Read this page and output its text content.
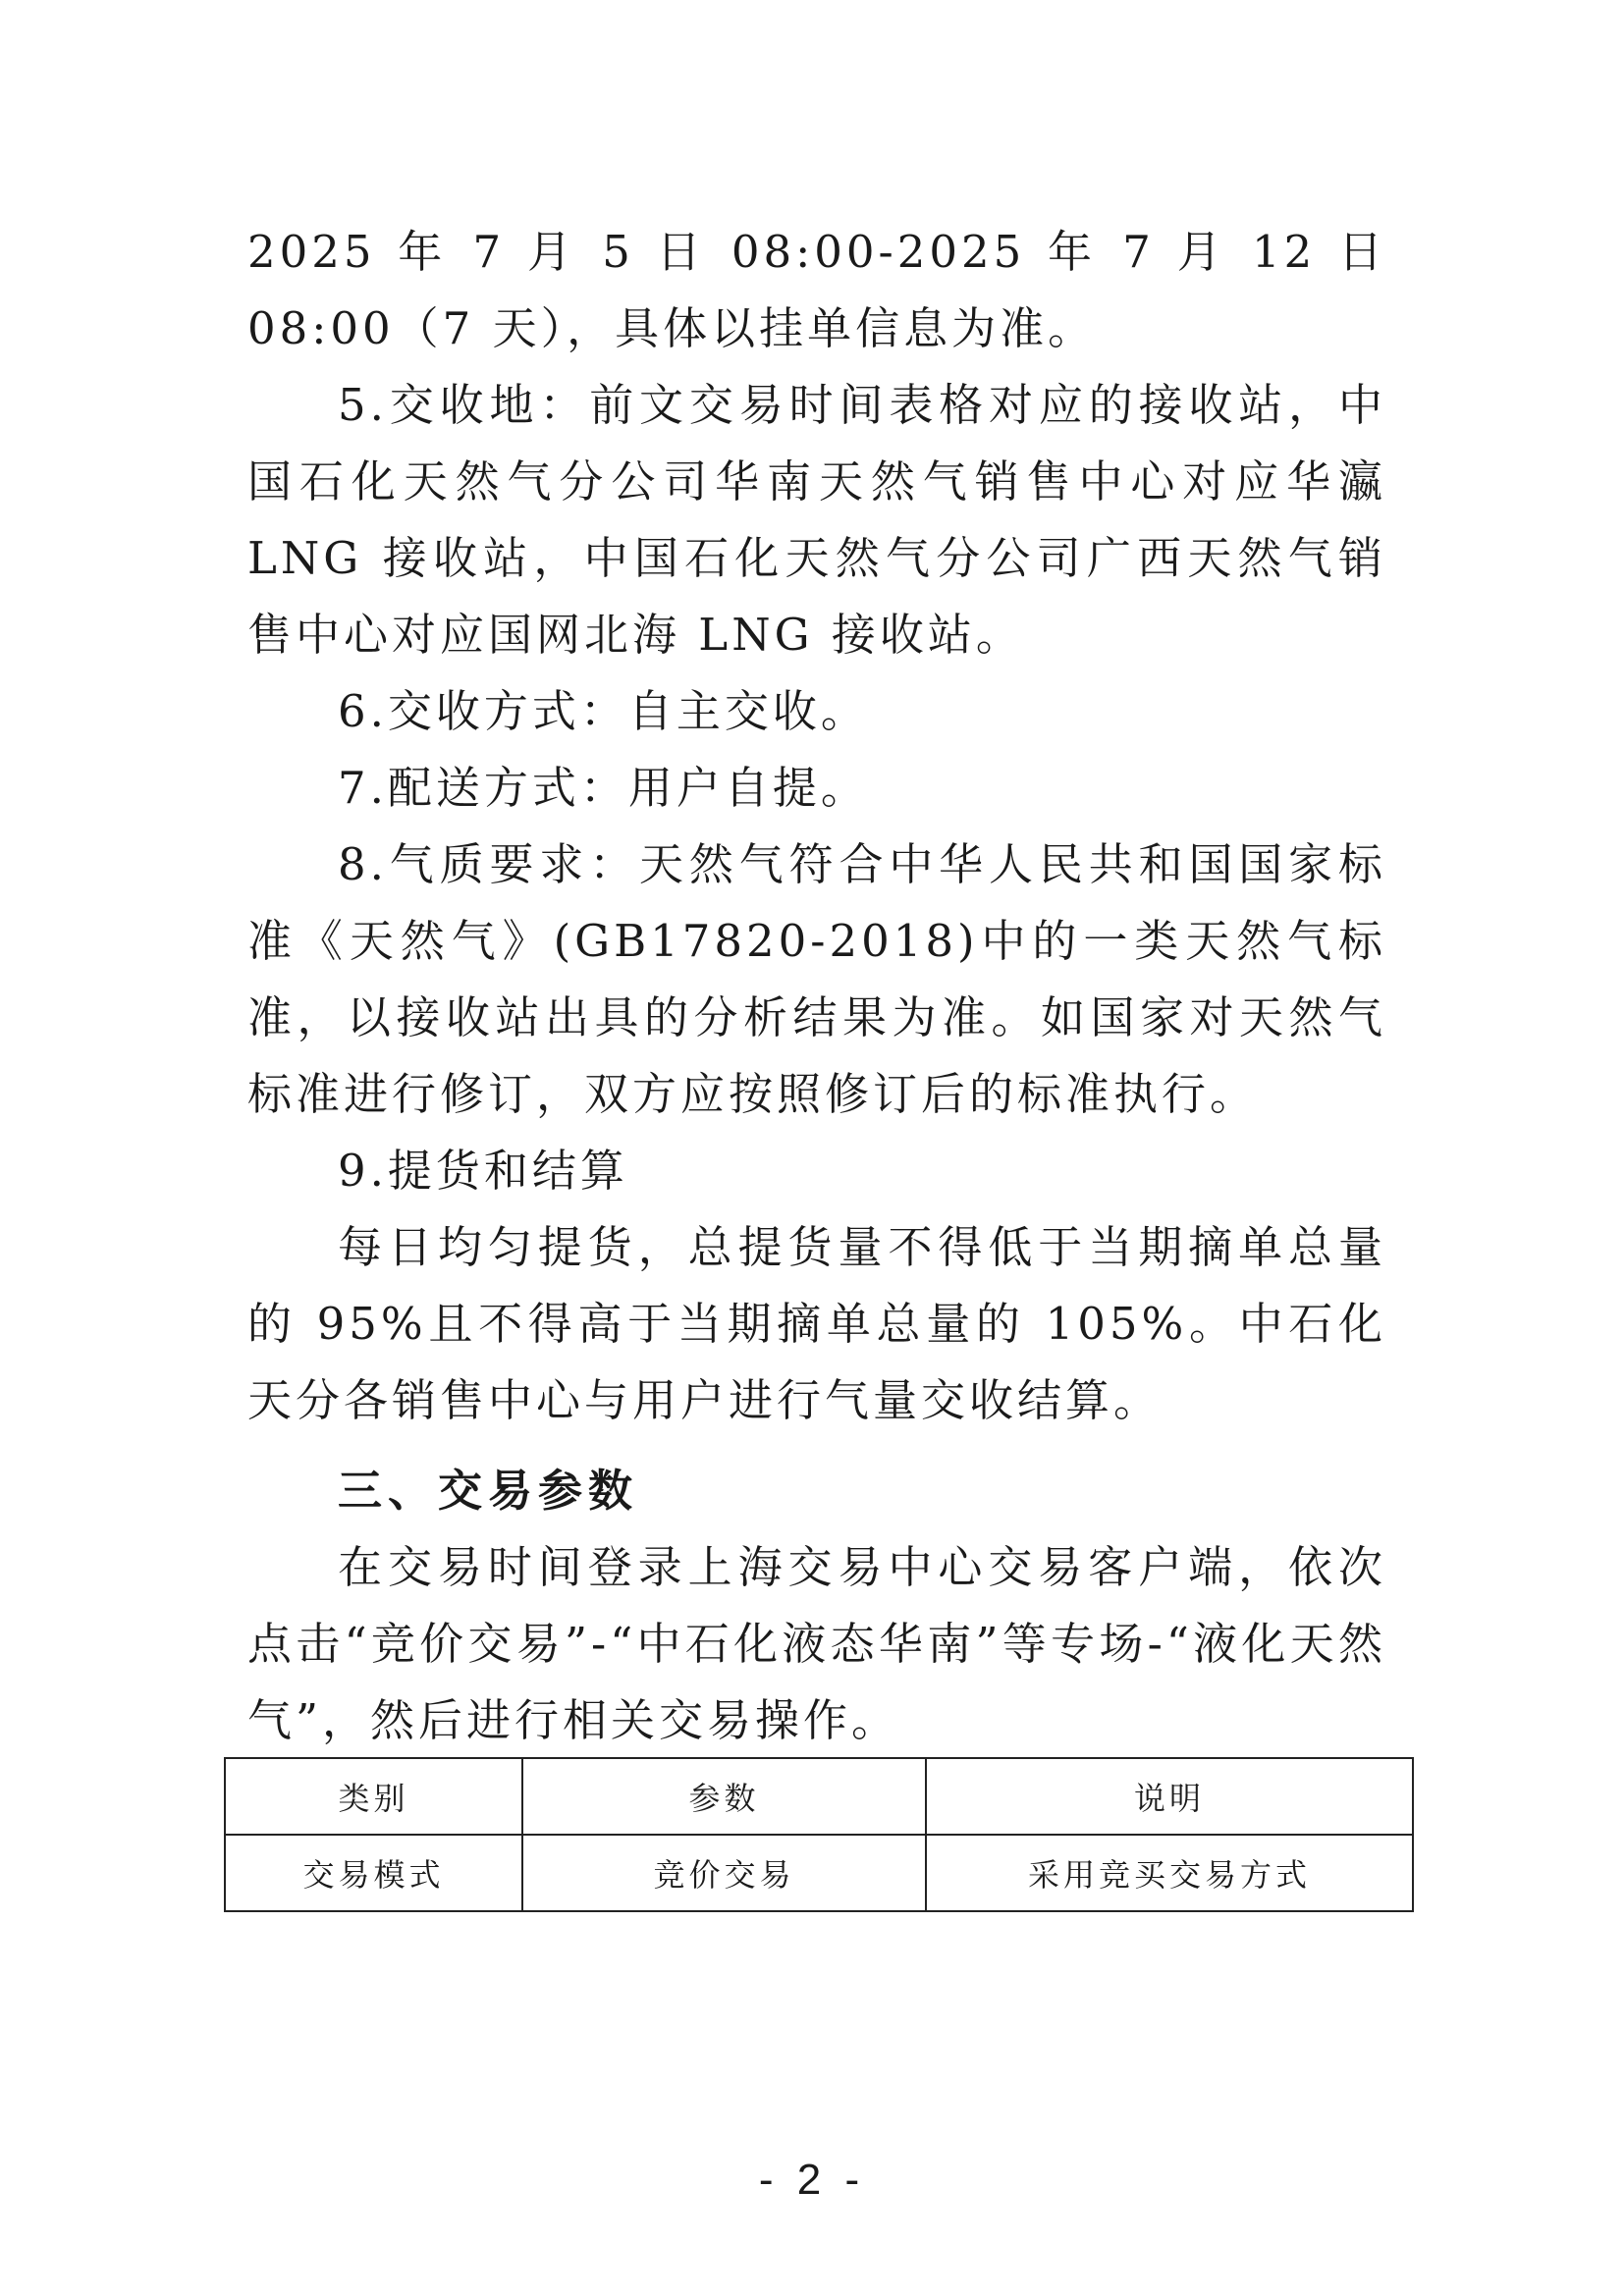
2025 年 7 月 5 日 08:00-2025 年 7 月 12 日 08:00（7 天），具体以挂单信息为准。

5.交收地：前文交易时间表格对应的接收站，中国石化天然气分公司华南天然气销售中心对应华瀛 LNG 接收站，中国石化天然气分公司广西天然气销售中心对应国网北海 LNG 接收站。

6.交收方式：自主交收。

7.配送方式：用户自提。

8.气质要求：天然气符合中华人民共和国国家标准《天然气》(GB17820-2018)中的一类天然气标准，以接收站出具的分析结果为准。如国家对天然气标准进行修订，双方应按照修订后的标准执行。

9.提货和结算

每日均匀提货，总提货量不得低于当期摘单总量的 95%且不得高于当期摘单总量的 105%。中石化天分各销售中心与用户进行气量交收结算。

三、交易参数

在交易时间登录上海交易中心交易客户端，依次点击“竞价交易”-“中石化液态华南”等专场-“液化天然气”，然后进行相关交易操作。

类别	参数	说明
交易模式	竞价交易	采用竞买交易方式
- 2 -
